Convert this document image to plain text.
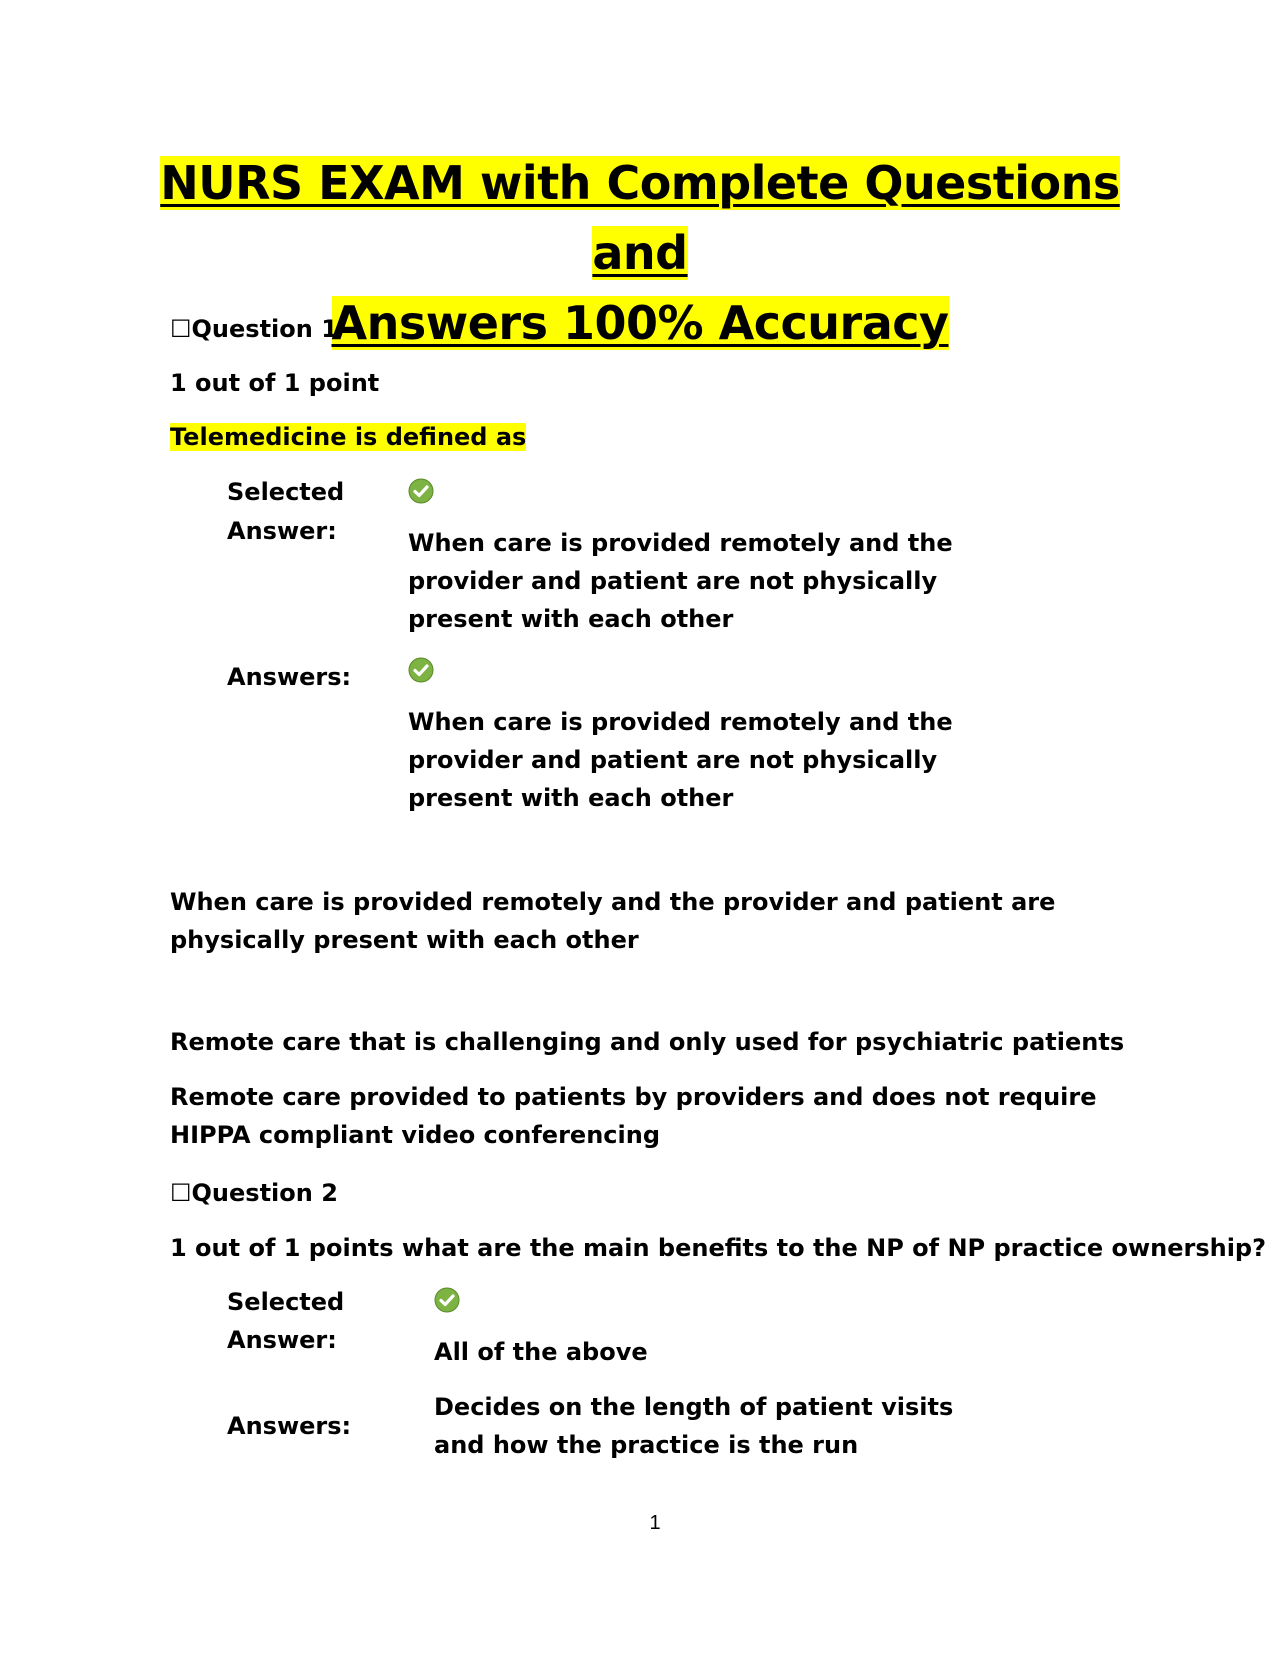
NURS EXAM with Complete Questions and
Answers 100% Accuracy
☐Question 1
1 out of 1 point
Telemedicine is defined as
Selected
Answer:	When care is provided remotely and the provider and patient are not physically present with each other
Answers:
When care is provided remotely and the provider and patient are not physically present with each other
When care is provided remotely and the provider and patient are physically present with each other
Remote care that is challenging and only used for psychiatric patients
Remote care provided to patients by providers and does not require HIPPA compliant video conferencing
☐Question 2
1 out of 1 points what are the main benefits to the NP of NP practice ownership?
Selected
Answer:	All of the above
Answers:
Decides on the length of patient visits and how the practice is the run
1
